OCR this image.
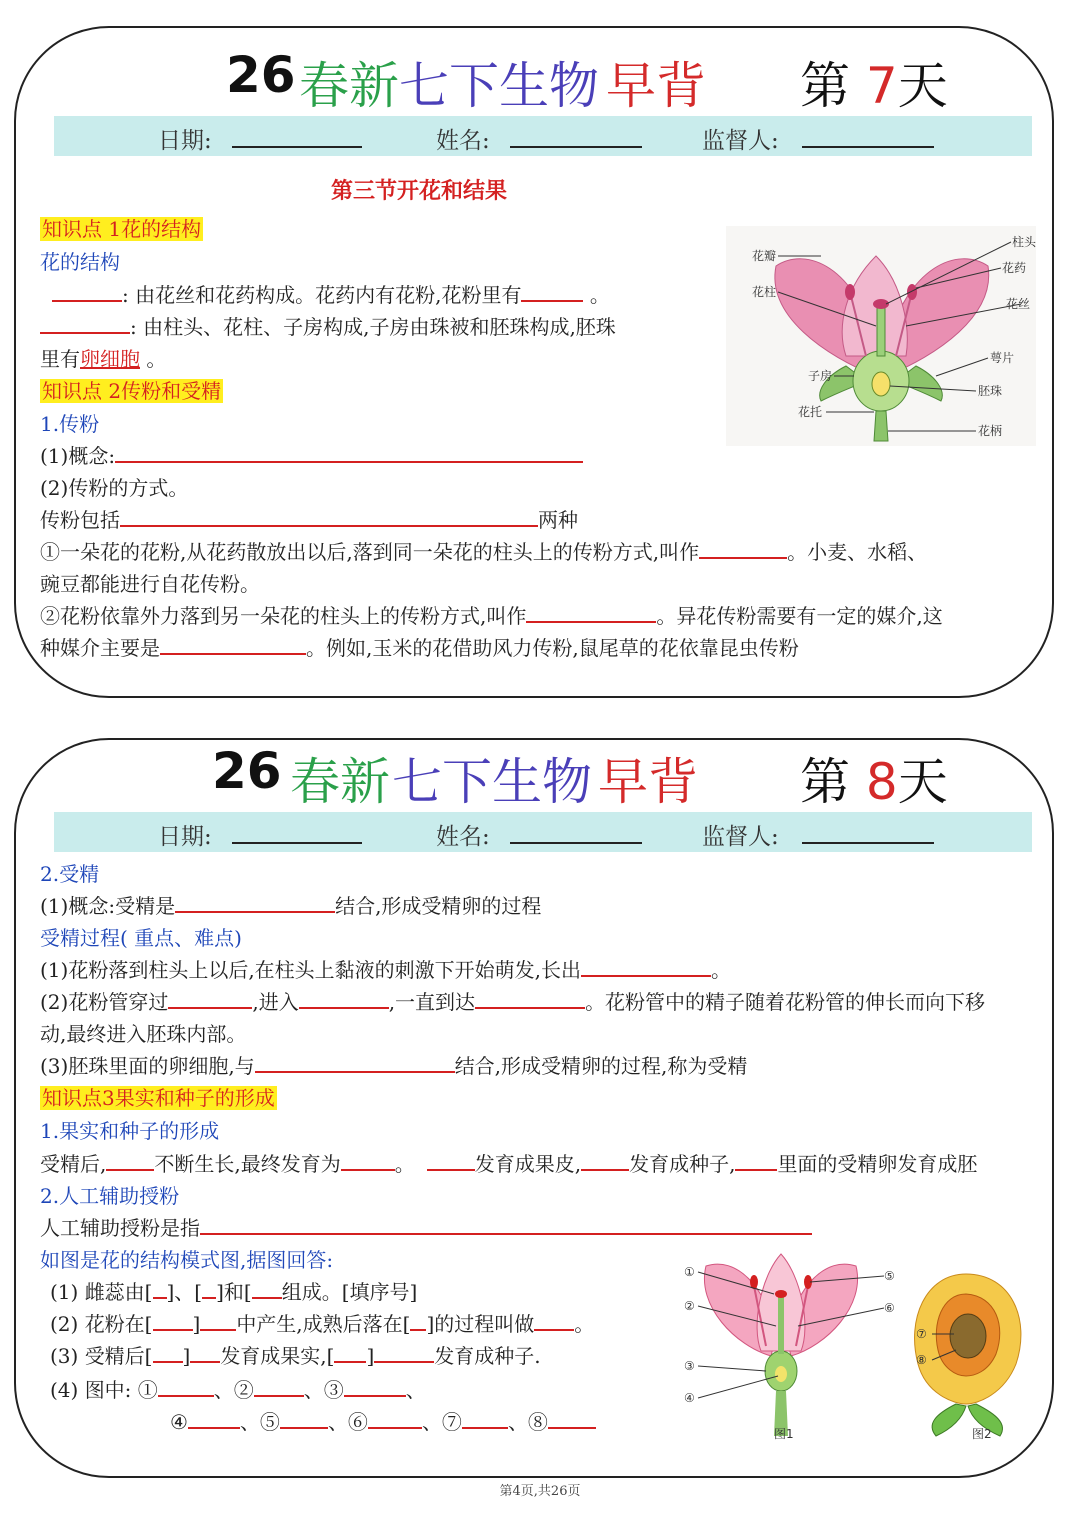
26 春新 七下生物 早背 第 7天
日期:	姓名:	监督人:
第三节开花和结果
知识点 1花的结构
花的结构
: 由花丝和花药构成。花药内有花粉,花粉里有	。
: 由柱头、花柱、子房构成,子房由珠被和胚珠构成,胚珠
里有卵细胞 。
知识点 2传粉和受精
1.传粉
(1)概念:
(2)传粉的方式。
传粉包括	两种
①一朵花的花粉,从花药散放出以后,落到同一朵花的柱头上的传粉方式,叫作	。小麦、水稻、
豌豆都能进行自花传粉。
②花粉依靠外力落到另一朵花的柱头上的传粉方式,叫作	。异花传粉需要有一定的媒介,这
种媒介主要是	。例如,玉米的花借助风力传粉,鼠尾草的花依靠昆虫传粉
花瓣
花柱
子房
花托
柱头
花药
花丝
萼片
胚珠
花柄
26 春新 七下生物 早背 第 8天
日期:	姓名:	监督人:
2.受精
(1)概念:受精是	结合,形成受精卵的过程
受精过程( 重点、难点)
(1)花粉落到柱头上以后,在柱头上黏液的刺激下开始萌发,长出	。
(2)花粉管穿过	,进入	,一直到达	。花粉管中的精子随着花粉管的伸长而向下移
动,最终进入胚珠内部。
(3)胚珠里面的卵细胞,与	结合,形成受精卵的过程,称为受精
知识点3果实和种子的形成
1.果实和种子的形成
受精后, 不断生长,最终发育为	。	发育成果皮, 发育成种子, 里面的受精卵发育成胚
2.人工辅助授粉
人工辅助授粉是指
如图是花的结构模式图,据图回答:
(1) 雌蕊由[ ]、[ ]和[ 组成。[填序号]
(2) 花粉在[ ] 中产生,成熟后落在[ ]的过程叫做 。
(3) 受精后[ ] 发育成果实,[ ]	发育成种子.
(4) 图中: ①	、②	、③	、
④	、⑤ 、⑥	、⑦ 、⑧
①
②
③
④
⑤
⑥
图1
⑦
⑧
图2
第4页,共26页
